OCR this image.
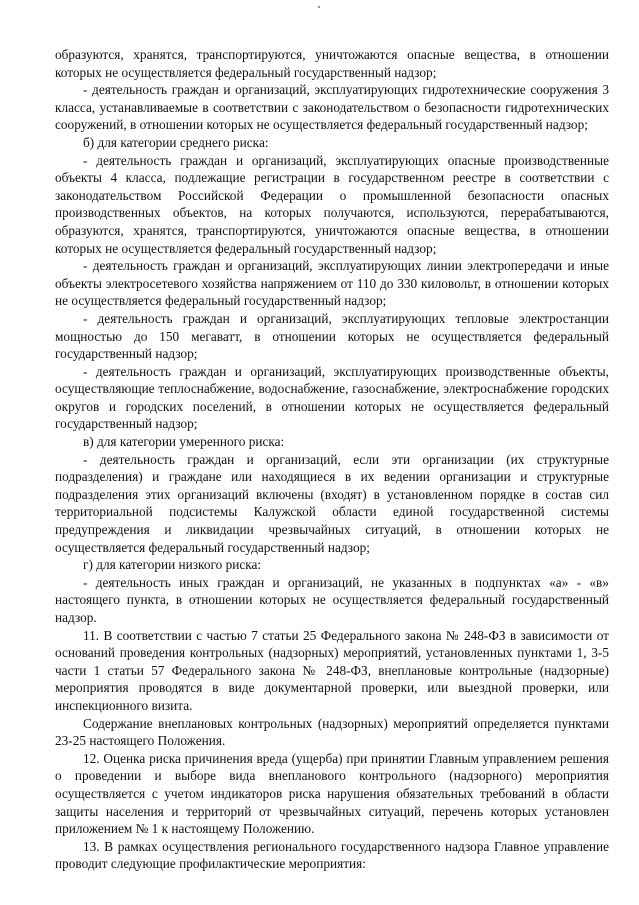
образуются, хранятся, транспортируются, уничтожаются опасные вещества, в отношении которых не осуществляется федеральный государственный надзор;

- деятельность граждан и организаций, эксплуатирующих гидротехнические сооружения 3 класса, устанавливаемые в соответствии с законодательством о безопасности гидротехнических сооружений, в отношении которых не осуществляется федеральный государственный надзор;

б) для категории среднего риска:

- деятельность граждан и организаций, эксплуатирующих опасные производственные объекты 4 класса, подлежащие регистрации в государственном реестре в соответствии с законодательством Российской Федерации о промышленной безопасности опасных производственных объектов, на которых получаются, используются, перерабатываются, образуются, хранятся, транспортируются, уничтожаются опасные вещества, в отношении которых не осуществляется федеральный государственный надзор;

- деятельность граждан и организаций, эксплуатирующих линии электропередачи и иные объекты электросетевого хозяйства напряжением от 110 до 330 киловольт, в отношении которых не осуществляется федеральный государственный надзор;

- деятельность граждан и организаций, эксплуатирующих тепловые электростанции мощностью до 150 мегаватт, в отношении которых не осуществляется федеральный государственный надзор;

- деятельность граждан и организаций, эксплуатирующих производственные объекты, осуществляющие теплоснабжение, водоснабжение, газоснабжение, электроснабжение городских округов и городских поселений, в отношении которых не осуществляется федеральный государственный надзор;

в) для категории умеренного риска:

- деятельность граждан и организаций, если эти организации (их структурные подразделения) и граждане или находящиеся в их ведении организации и структурные подразделения этих организаций включены (входят) в установленном порядке в состав сил территориальной подсистемы Калужской области единой государственной системы предупреждения и ликвидации чрезвычайных ситуаций, в отношении которых не осуществляется федеральный государственный надзор;

г) для категории низкого риска:

- деятельность иных граждан и организаций, не указанных в подпунктах «а» - «в» настоящего пункта, в отношении которых не осуществляется федеральный государственный надзор.

11. В соответствии с частью 7 статьи 25 Федерального закона № 248-ФЗ в зависимости от оснований проведения контрольных (надзорных) мероприятий, установленных пунктами 1, 3-5 части 1 статьи 57 Федерального закона № 248-ФЗ, внеплановые контрольные (надзорные) мероприятия проводятся в виде документарной проверки, или выездной проверки, или инспекционного визита.

Содержание внеплановых контрольных (надзорных) мероприятий определяется пунктами 23-25 настоящего Положения.

12. Оценка риска причинения вреда (ущерба) при принятии Главным управлением решения о проведении и выборе вида внепланового контрольного (надзорного) мероприятия осуществляется с учетом индикаторов риска нарушения обязательных требований в области защиты населения и территорий от чрезвычайных ситуаций, перечень которых установлен приложением № 1 к настоящему Положению.

13. В рамках осуществления регионального государственного надзора Главное управление проводит следующие профилактические мероприятия:
